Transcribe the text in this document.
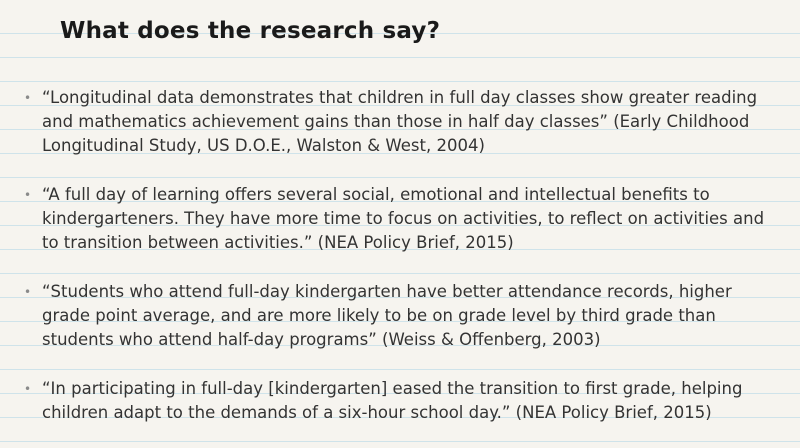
What does the research say?
• “Longitudinal data demonstrates that children in full day classes show greater reading and mathematics achievement gains than those in half day classes” (Early Childhood Longitudinal Study, US D.O.E., Walston & West, 2004)
• “A full day of learning offers several social, emotional and intellectual benefits to kindergarteners. They have more time to focus on activities, to reflect on activities and to transition between activities.” (NEA Policy Brief, 2015)
• “Students who attend full-day kindergarten have better attendance records, higher grade point average, and are more likely to be on grade level by third grade than students who attend half-day programs” (Weiss & Offenberg, 2003)
• “In participating in full-day [kindergarten] eased the transition to first grade, helping children adapt to the demands of a six-hour school day.” (NEA Policy Brief, 2015)
